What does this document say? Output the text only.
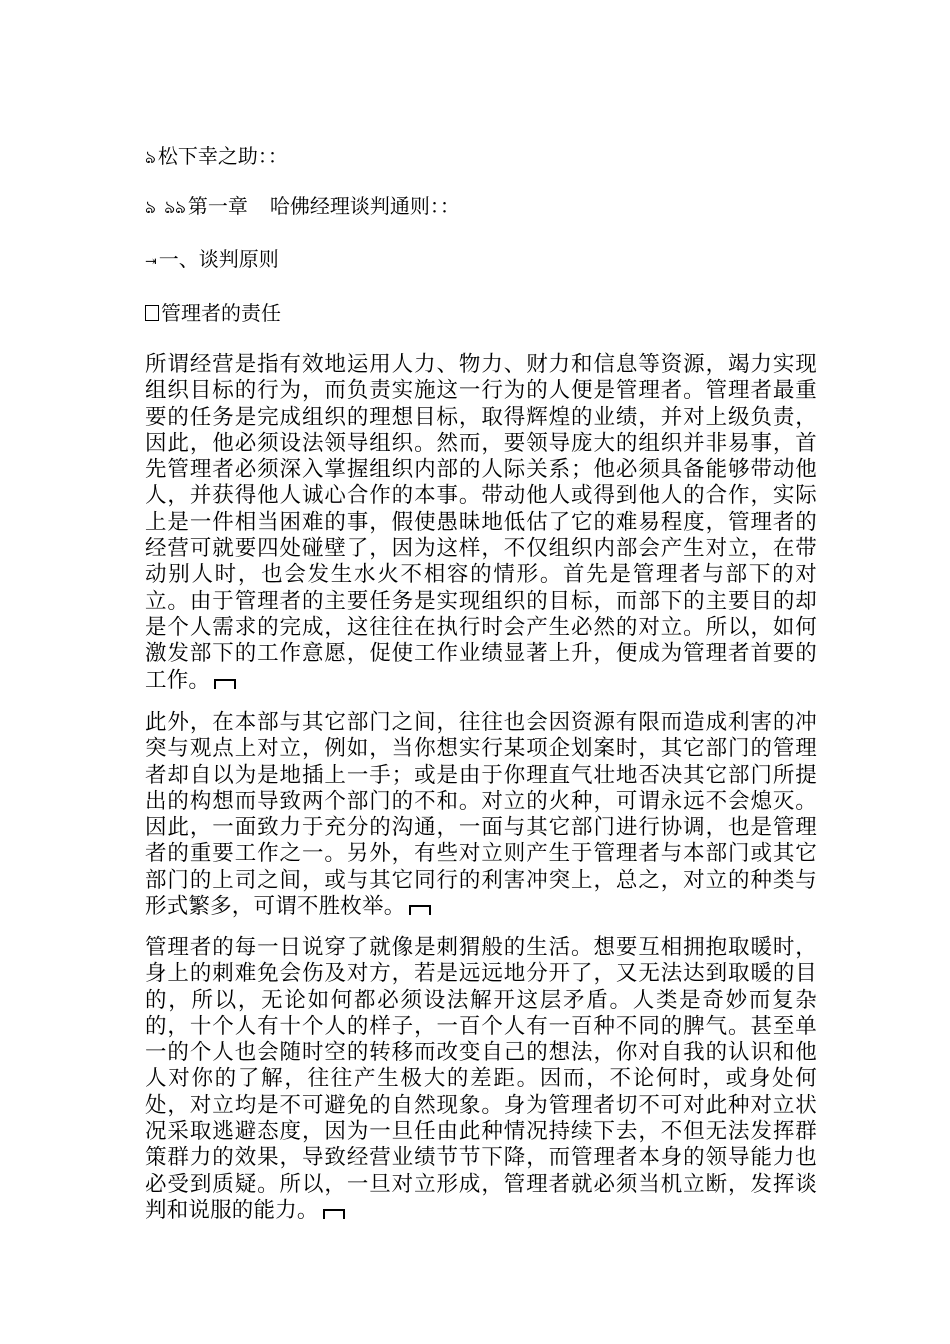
ঌ 松下幸之助：：
ঌ ঌঌ 第一章 哈佛经理谈判通则：：
⇥ 一、谈判原则
管理者的责任
所谓经营是指有效地运用人力、物力、财力和信息等资源，竭力实现组织目标的行为，而负责实施这一行为的人便是管理者。管理者最重要的任务是完成组织的理想目标，取得辉煌的业绩，并对上级负责，因此，他必须设法领导组织。然而，要领导庞大的组织并非易事，首先管理者必须深入掌握组织内部的人际关系；他必须具备能够带动他人，并获得他人诚心合作的本事。带动他人或得到他人的合作，实际上是一件相当困难的事，假使愚昧地低估了它的难易程度，管理者的经营可就要四处碰壁了，因为这样，不仅组织内部会产生对立，在带动别人时，也会发生水火不相容的情形。首先是管理者与部下的对立。由于管理者的主要任务是实现组织的目标，而部下的主要目的却是个人需求的完成，这往往在执行时会产生必然的对立。所以，如何激发部下的工作意愿，促使工作业绩显著上升，便成为管理者首要的工作。
此外，在本部与其它部门之间，往往也会因资源有限而造成利害的冲突与观点上对立，例如，当你想实行某项企划案时，其它部门的管理者却自以为是地插上一手；或是由于你理直气壮地否决其它部门所提出的构想而导致两个部门的不和。对立的火种，可谓永远不会熄灭。因此，一面致力于充分的沟通，一面与其它部门进行协调，也是管理者的重要工作之一。另外，有些对立则产生于管理者与本部门或其它部门的上司之间，或与其它同行的利害冲突上，总之，对立的种类与形式繁多，可谓不胜枚举。
管理者的每一日说穿了就像是刺猬般的生活。想要互相拥抱取暖时，身上的刺难免会伤及对方，若是远远地分开了，又无法达到取暖的目的，所以，无论如何都必须设法解开这层矛盾。人类是奇妙而复杂的，十个人有十个人的样子，一百个人有一百种不同的脾气。甚至单一的个人也会随时空的转移而改变自己的想法，你对自我的认识和他人对你的了解，往往产生极大的差距。因而，不论何时，或身处何处，对立均是不可避免的自然现象。身为管理者切不可对此种对立状况采取逃避态度，因为一旦任由此种情况持续下去，不但无法发挥群策群力的效果，导致经营业绩节节下降，而管理者本身的领导能力也必受到质疑。所以，一旦对立形成，管理者就必须当机立断，发挥谈判和说服的能力。
